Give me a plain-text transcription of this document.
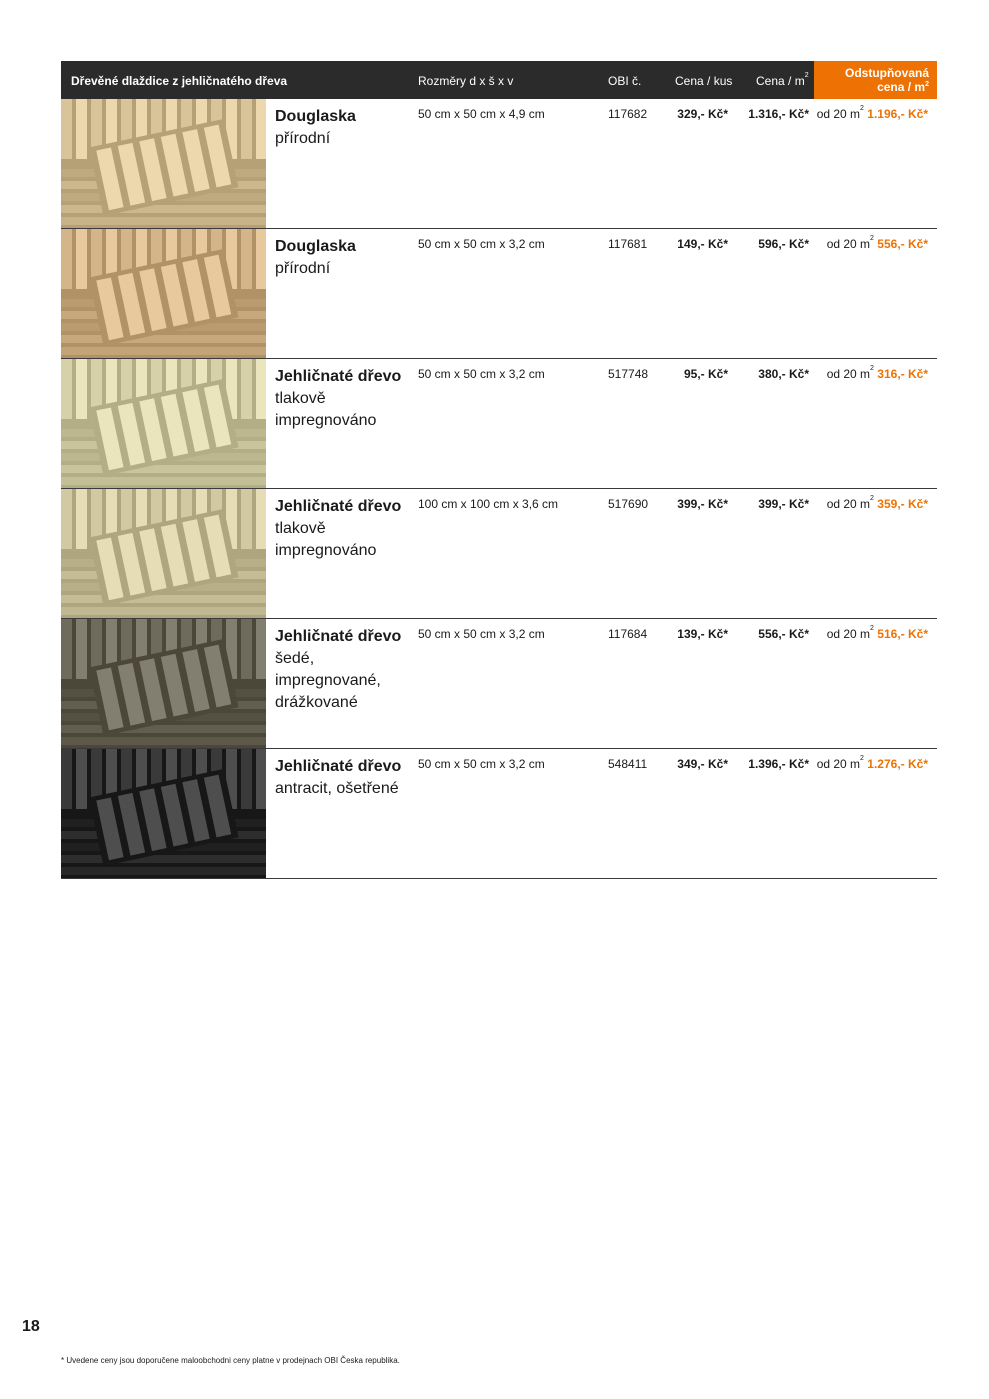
Dřevěné dlaždice z jehličnatého dřeva	Rozměry d x š x v	OBI č.	Cena / kus Cena / $m^2$	Odstupňovaná
cena / $m^2$
Douglaska
přírodní
50 cm x 50 cm x 4,9 cm	117682	329,- Kč* 1.316,- Kč* od 20 $m^2$ 1.196,- Kč*
Douglaska
přírodní
50 cm x 50 cm x 3,2 cm	117681	149,- Kč*	596,- Kč* od 20 $m^2$ 556,- Kč*
Jehličnaté dřevo
tlakově impregnováno
50 cm x 50 cm x 3,2 cm	517748	95,- Kč*	380,- Kč* od 20 $m^2$ 316,- Kč*
Jehličnaté dřevo
tlakově impregnováno
100 cm x 100 cm x 3,6 cm	517690 399,- Kč*	399,- Kč* od 20 $m^2$ 359,- Kč*
Jehličnaté dřevo
šedé, impregnované, drážkované
50 cm x 50 cm x 3,2 cm	117684	139,- Kč*	556,- Kč* od 20 $m^2$ 516,- Kč*
Jehličnaté dřevo
antracit, ošetřené
50 cm x 50 cm x 3,2 cm	548411	349,- Kč* 1.396,- Kč* od 20 $m^2$ 1.276,- Kč*
18
* Uvedene ceny jsou doporučene maloobchodni ceny platne v prodejnach OBI Česka republika.
